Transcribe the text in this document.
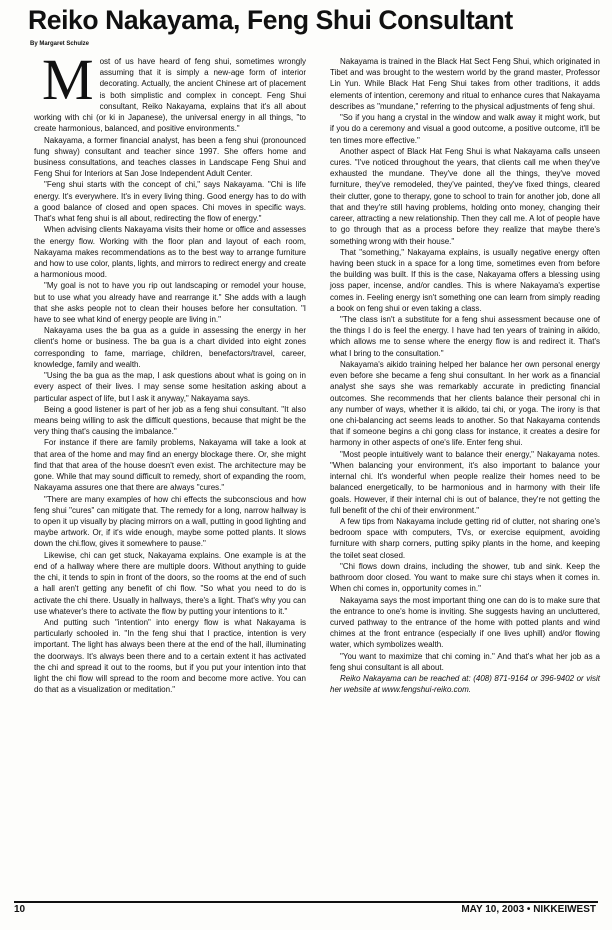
Reiko Nakayama, Feng Shui Consultant
By Margaret Schulze

Most of us have heard of feng shui, sometimes wrongly assuming that it is simply a new-age form of interior decorating. Actually, the ancient Chinese art of placement is both simplistic and complex in concept. Feng Shui consultant, Reiko Nakayama, explains that it's all about working with chi (or ki in Japanese), the universal energy in all things, "to create harmonious, balanced, and positive environments."

Nakayama, a former financial analyst, has been a feng shui (pronounced fung shway) consultant and teacher since 1997. She offers home and business consultations, and teaches classes in Landscape Feng Shui and Feng Shui for Interiors at San Jose Independent Adult Center.

"Feng shui starts with the concept of chi," says Nakayama. "Chi is life energy. It's everywhere. It's in every living thing. Good energy has to do with a good balance of closed and open spaces. Chi moves in specific ways. That's what feng shui is all about, redirecting the flow of energy."

When advising clients Nakayama visits their home or office and assesses the energy flow. Working with the floor plan and layout of each room, Nakayama makes recommendations as to the best way to arrange furniture and how to use color, plants, lights, and mirrors to redirect energy and create a harmonious mood.

"My goal is not to have you rip out landscaping or remodel your house, but to use what you already have and rearrange it." She adds with a laugh that she asks people not to clean their houses before her consultation. "I have to see what kind of energy people are living in."

Nakayama uses the ba gua as a guide in assessing the energy in her client's home or business. The ba gua is a chart divided into eight zones corresponding to fame, marriage, children, benefactors/travel, career, knowledge, family and wealth.

"Using the ba gua as the map, I ask questions about what is going on in every aspect of their lives. I may sense some hesitation asking about a particular aspect of life, but I ask it anyway," Nakayama says.

Being a good listener is part of her job as a feng shui consultant. "It also means being willing to ask the difficult questions, because that might be the very thing that's causing the imbalance."

For instance if there are family problems, Nakayama will take a look at that area of the home and may find an energy blockage there. Or, she might find that that area of the house doesn't even exist. The architecture may be gone. While that may sound difficult to remedy, short of expanding the room, Nakayama assures one that there are always "cures."

"There are many examples of how chi effects the subconscious and how feng shui "cures" can mitigate that. The remedy for a long, narrow hallway is to open it up visually by placing mirrors on a wall, putting in good lighting and maybe artwork. Or, if it's wide enough, maybe some potted plants. It slows down the chi.flow, gives it somewhere to pause."

Likewise, chi can get stuck, Nakayama explains. One example is at the end of a hallway where there are multiple doors. Without anything to guide the chi, it tends to spin in front of the doors, so the rooms at the end of such a hall aren't getting any benefit of chi flow. "So what you need to do is activate the chi there. Usually in hallways, there's a light. That's why you can use whatever's there to activate the flow by putting your intentions to it."

And putting such "intention" into energy flow is what Nakayama is particularly schooled in. "In the feng shui that I practice, intention is very important. The light has always been there at the end of the hall, illuminating the doorways. It's always been there and to a certain extent it has activated the chi and spread it out to the rooms, but if you put your intention into that light the chi flow will spread to the room and become more active. You can do that as a visualization or meditation."

Nakayama is trained in the Black Hat Sect Feng Shui, which originated in Tibet and was brought to the western world by the grand master, Professor Lin Yun. While Black Hat Feng Shui takes from other traditions, it adds elements of intention, ceremony and ritual to enhance cures that Nakayama describes as "mundane," referring to the physical adjustments of feng shui.

"So if you hang a crystal in the window and walk away it might work, but if you do a ceremony and visual a good outcome, a positive outcome, it'll be ten times more effective."

Another aspect of Black Hat Feng Shui is what Nakayama calls unseen cures. "I've noticed throughout the years, that clients call me when they've exhausted the mundane. They've done all the things, they've moved furniture, they've remodeled, they've painted, they've fixed things, cleared their clutter, gone to therapy, gone to school to train for another job, done all that and they're still having problems, holding onto money, changing their career, attracting a new relationship. Then they call me. A lot of people have to go through that as a process before they realize that maybe there's something wrong with their house."

That "something," Nakayama explains, is usually negative energy often having been stuck in a space for a long time, sometimes even from before the building was built. If this is the case, Nakayama offers a blessing using joss paper, incense, and/or candles. This is where Nakayama's expertise comes in. Feeling energy isn't something one can learn from simply reading a book on feng shui or even taking a class.

"The class isn't a substitute for a feng shui assessment because one of the things I do is feel the energy. I have had ten years of training in aikido, which allows me to sense where the energy flow is and redirect it. That's what I bring to the consultation."

Nakayama's aikido training helped her balance her own personal energy even before she became a feng shui consultant. In her work as a financial analyst she says she was remarkably accurate in predicting financial outcomes. She recommends that her clients balance their personal chi in any number of ways, whether it is aikido, tai chi, or yoga. The irony is that one chi-balancing act seems leads to another. So that Nakayama contends that if someone begins a chi gong class for instance, it creates a desire for harmony in other aspects of one's life. Enter feng shui.

"Most people intuitively want to balance their energy," Nakayama notes. "When balancing your environment, it's also important to balance your internal chi. It's wonderful when people realize their homes need to be balanced energetically, to be harmonious and in harmony with their life goals. However, if their internal chi is out of balance, they're not getting the full benefit of the chi of their environment."

A few tips from Nakayama include getting rid of clutter, not sharing one's bedroom space with computers, TVs, or exercise equipment, avoiding furniture with sharp corners, putting spiky plants in the home, and keeping the toilet seat closed.

"Chi flows down drains, including the shower, tub and sink. Keep the bathroom door closed. You want to make sure chi stays when it comes in. When chi comes in, opportunity comes in."

Nakayama says the most important thing one can do is to make sure that the entrance to one's home is inviting. She suggests having an uncluttered, curved pathway to the entrance of the home with potted plants and wind chimes at the front entrance (especially if one lives uphill) and/or flowing water, which symbolizes wealth.

"You want to maximize that chi coming in." And that's what her job as a feng shui consultant is all about.

Reiko Nakayama can be reached at: (408) 871-9164 or 396-9402 or visit her website at www.fengshui-reiko.com.

10	MAY 10, 2003 • NIKKEIWEST
